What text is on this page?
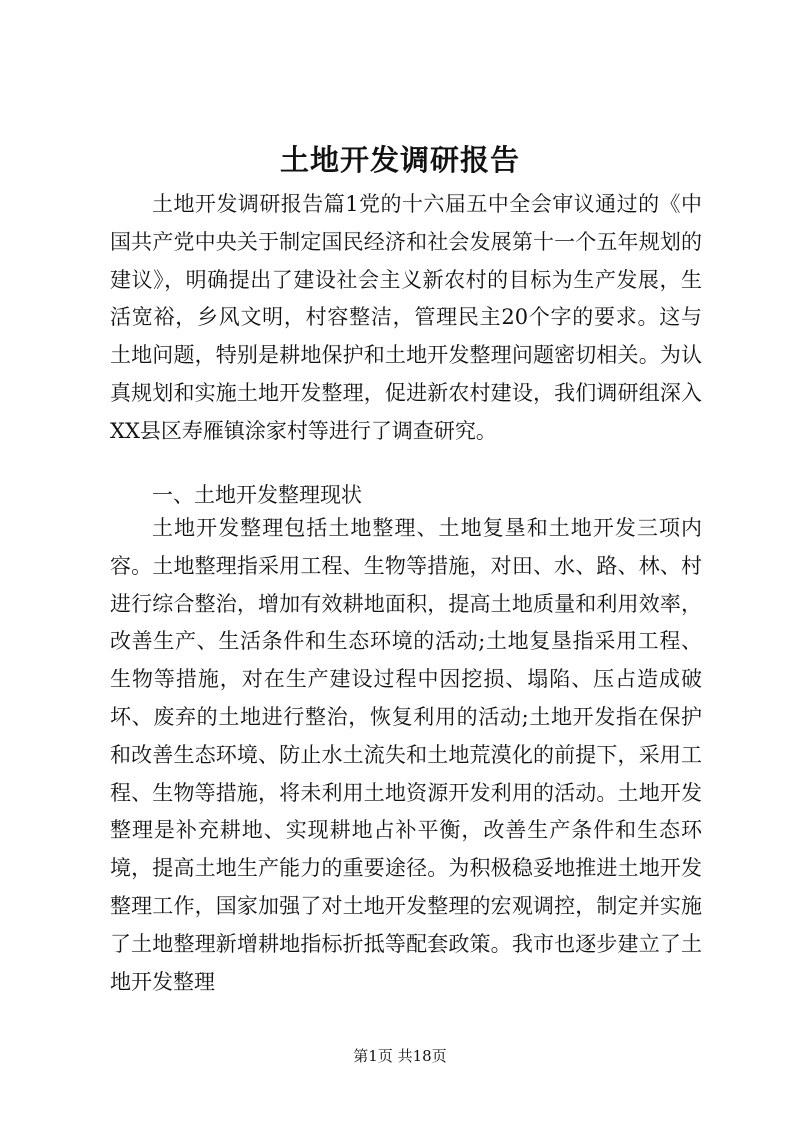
土地开发调研报告

土地开发调研报告篇1党的十六届五中全会审议通过的《中国共产党中央关于制定国民经济和社会发展第十一个五年规划的建议》，明确提出了建设社会主义新农村的目标为生产发展，生活宽裕，乡风文明，村容整洁，管理民主20个字的要求。这与土地问题，特别是耕地保护和土地开发整理问题密切相关。为认真规划和实施土地开发整理，促进新农村建设，我们调研组深入XX县区寿雁镇涂家村等进行了调查研究。

一、土地开发整理现状

土地开发整理包括土地整理、土地复垦和土地开发三项内容。土地整理指采用工程、生物等措施，对田、水、路、林、村进行综合整治，增加有效耕地面积，提高土地质量和利用效率，改善生产、生活条件和生态环境的活动;土地复垦指采用工程、生物等措施，对在生产建设过程中因挖损、塌陷、压占造成破坏、废弃的土地进行整治，恢复利用的活动;土地开发指在保护和改善生态环境、防止水土流失和土地荒漠化的前提下，采用工程、生物等措施，将未利用土地资源开发利用的活动。土地开发整理是补充耕地、实现耕地占补平衡，改善生产条件和生态环境，提高土地生产能力的重要途径。为积极稳妥地推进土地开发整理工作，国家加强了对土地开发整理的宏观调控，制定并实施了土地整理新增耕地指标折抵等配套政策。我市也逐步建立了土地开发整理

第1页 共18页
